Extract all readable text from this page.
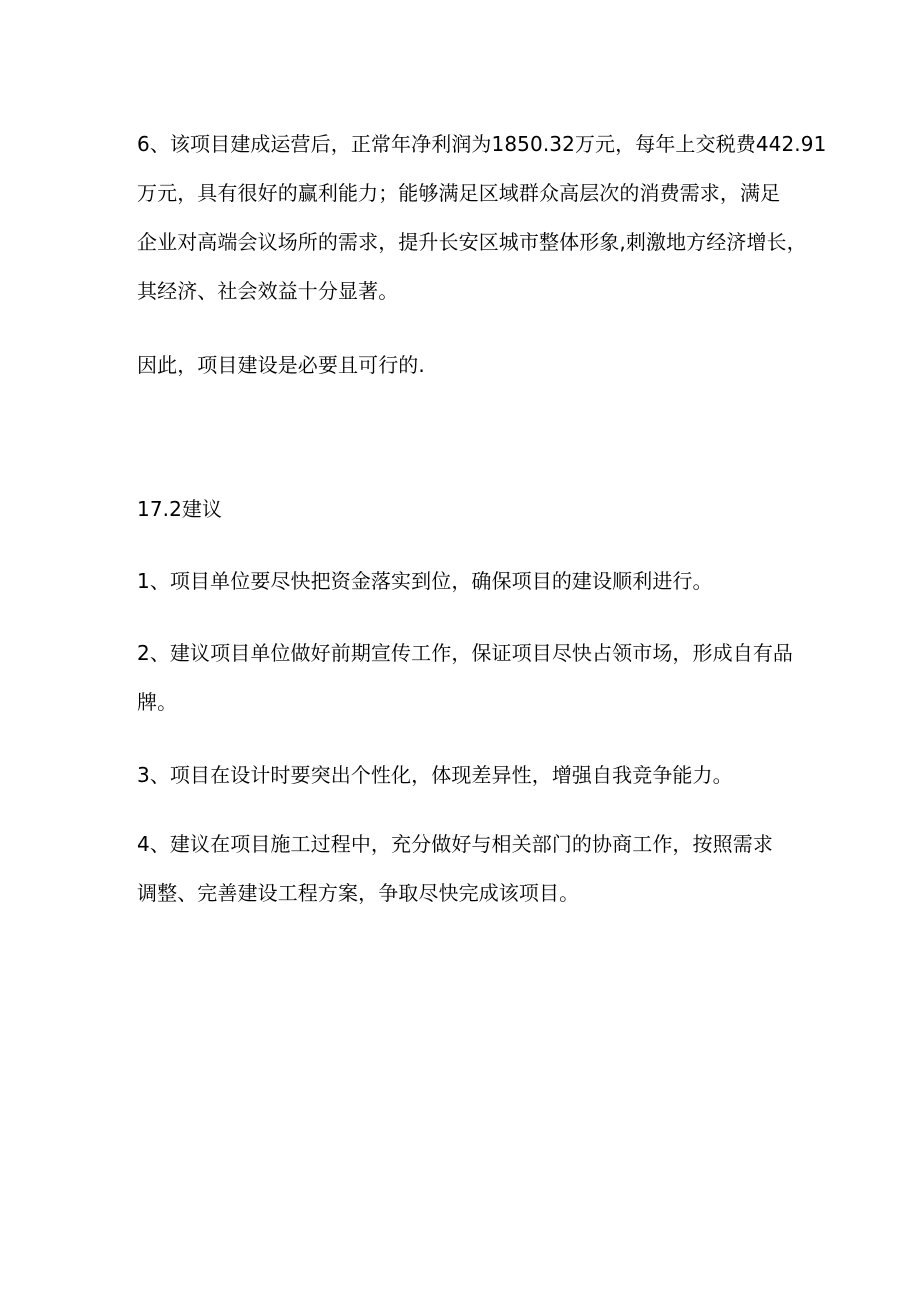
6、该项目建成运营后，正常年净利润为1850.32万元，每年上交税费442.91
万元，具有很好的赢利能力；能够满足区域群众高层次的消费需求，满足
企业对高端会议场所的需求，提升长安区城市整体形象,刺激地方经济增长，
其经济、社会效益十分显著。
因此，项目建设是必要且可行的.
17.2建议
1、项目单位要尽快把资金落实到位，确保项目的建设顺利进行。
2、建议项目单位做好前期宣传工作，保证项目尽快占领市场，形成自有品
牌。
3、项目在设计时要突出个性化，体现差异性，增强自我竞争能力。
4、建议在项目施工过程中，充分做好与相关部门的协商工作，按照需求
调整、完善建设工程方案，争取尽快完成该项目。
